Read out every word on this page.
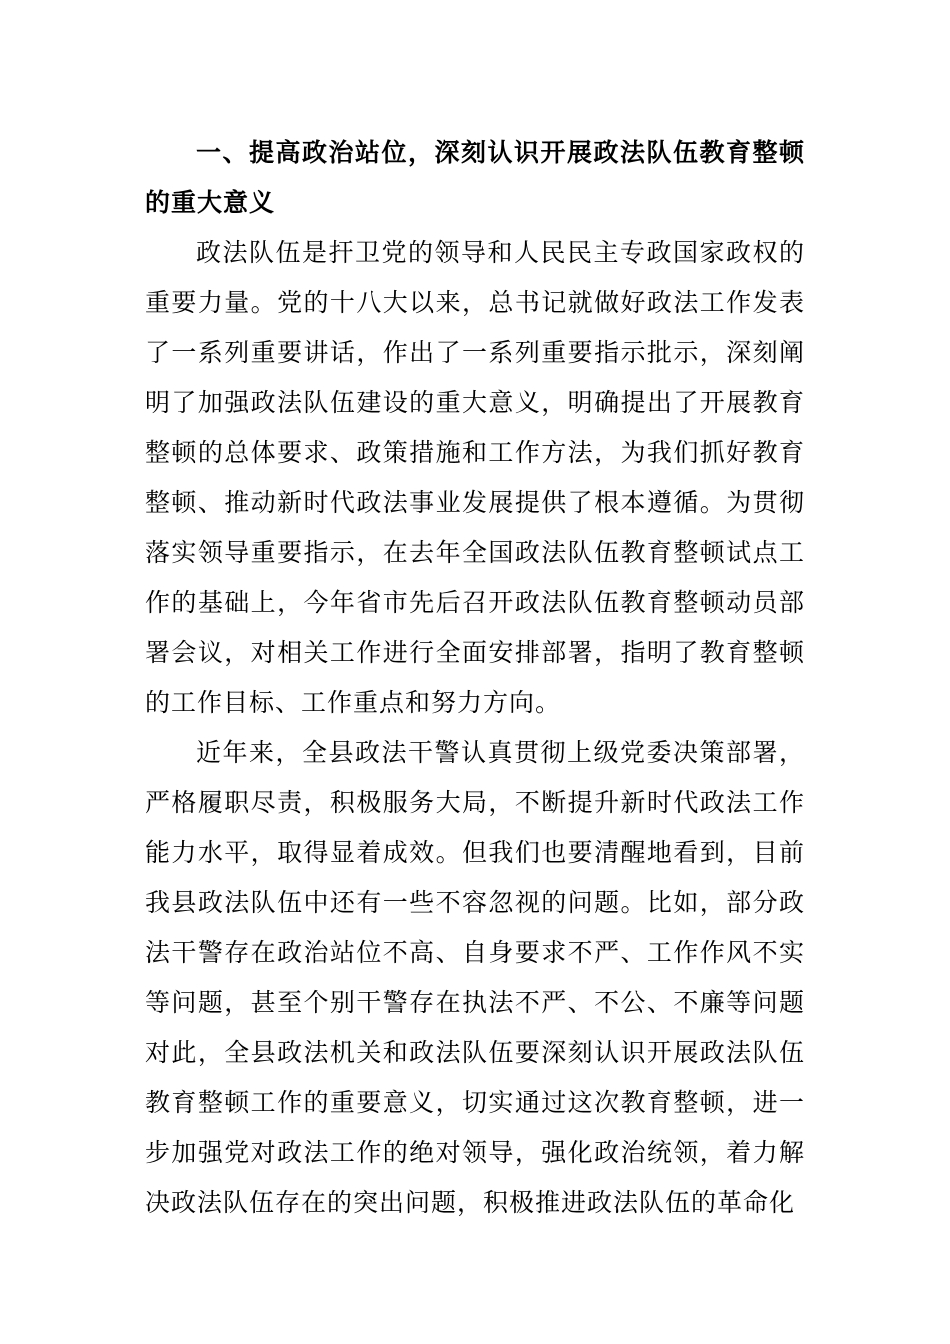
一、提高政治站位，深刻认识开展政法队伍教育整顿的重大意义

政法队伍是扞卫党的领导和人民民主专政国家政权的重要力量。党的十八大以来，总书记就做好政法工作发表了一系列重要讲话，作出了一系列重要指示批示，深刻阐明了加强政法队伍建设的重大意义，明确提出了开展教育整顿的总体要求、政策措施和工作方法，为我们抓好教育整顿、推动新时代政法事业发展提供了根本遵循。为贯彻落实领导重要指示，在去年全国政法队伍教育整顿试点工作的基础上，今年省市先后召开政法队伍教育整顿动员部署会议，对相关工作进行全面安排部署，指明了教育整顿的工作目标、工作重点和努力方向。

近年来，全县政法干警认真贯彻上级党委决策部署，严格履职尽责，积极服务大局，不断提升新时代政法工作能力水平，取得显着成效。但我们也要清醒地看到，目前我县政法队伍中还有一些不容忽视的问题。比如，部分政法干警存在政治站位不高、自身要求不严、工作作风不实等问题，甚至个别干警存在执法不严、不公、不廉等问题对此，全县政法机关和政法队伍要深刻认识开展政法队伍教育整顿工作的重要意义，切实通过这次教育整顿，进一步加强党对政法工作的绝对领导，强化政治统领，着力解决政法队伍存在的突出问题，积极推进政法队伍的革命化
